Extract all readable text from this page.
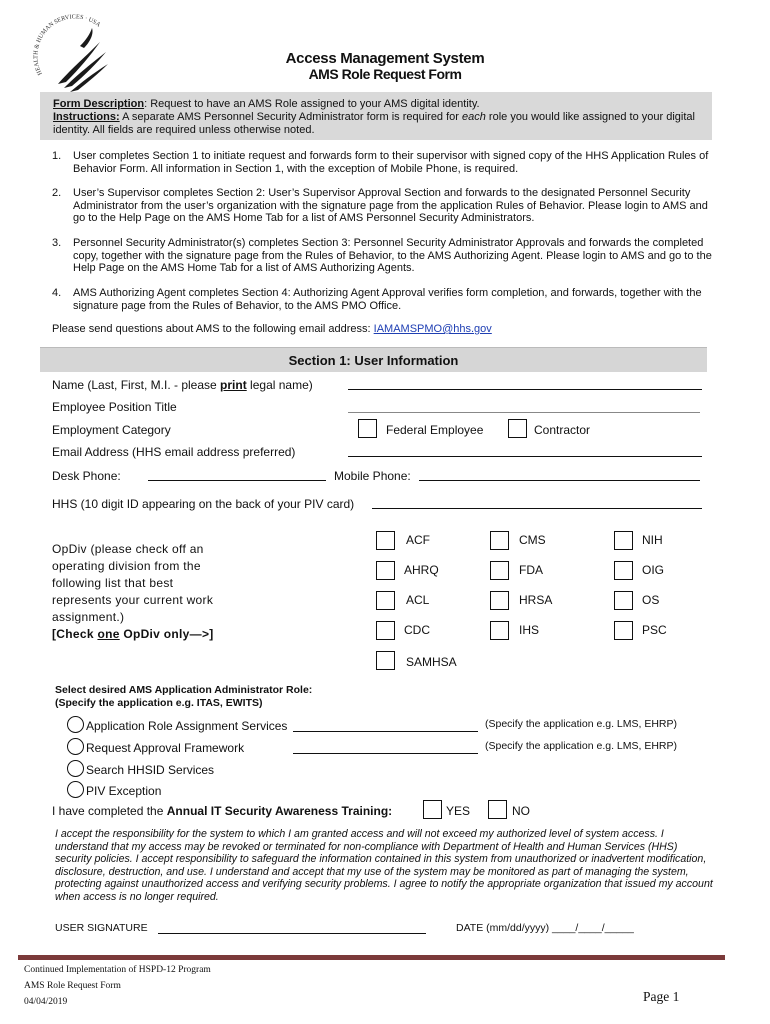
HEALTH & HUMAN SERVICES · USA
Access Management System
AMS Role Request Form
Form Description: Request to have an AMS Role assigned to your AMS digital identity.
Instructions: A separate AMS Personnel Security Administrator form is required for each role you would like assigned to your digital identity. All fields are required unless otherwise noted.
1. User completes Section 1 to initiate request and forwards form to their supervisor with signed copy of the HHS Application Rules of Behavior Form. All information in Section 1, with the exception of Mobile Phone, is required.
2. User’s Supervisor completes Section 2: User’s Supervisor Approval Section and forwards to the designated Personnel Security Administrator from the user’s organization with the signature page from the application Rules of Behavior. Please login to AMS and go to the Help Page on the AMS Home Tab for a list of AMS Personnel Security Administrators.
3. Personnel Security Administrator(s) completes Section 3: Personnel Security Administrator Approvals and forwards the completed copy, together with the signature page from the Rules of Behavior, to the AMS Authorizing Agent. Please login to AMS and go to the Help Page on the AMS Home Tab for a list of AMS Authorizing Agents.
4. AMS Authorizing Agent completes Section 4: Authorizing Agent Approval verifies form completion, and forwards, together with the signature page from the Rules of Behavior, to the AMS PMO Office.
Please send questions about AMS to the following email address: IAMAMSPMO@hhs.gov
Section 1: User Information
Name (Last, First, M.I. - please print legal name)
Employee Position Title
Employment Category	Federal Employee	Contractor
Email Address (HHS email address preferred)
Desk Phone:	Mobile Phone:
HHS (10 digit ID appearing on the back of your PIV card)
OpDiv (please check off an operating division from the following list that best represents your current work assignment.)
[Check one OpDiv only—>]
ACF	CMS	NIH
AHRQ	FDA	OIG
ACL	HRSA	OS
CDC	IHS	PSC
SAMHSA
Select desired AMS Application Administrator Role:
(Specify the application e.g. ITAS, EWITS)
Application Role Assignment Services	(Specify the application e.g. LMS, EHRP)
Request Approval Framework	(Specify the application e.g. LMS, EHRP)
Search HHSID Services
PIV Exception
I have completed the Annual IT Security Awareness Training:	YES	NO
I accept the responsibility for the system to which I am granted access and will not exceed my authorized level of system access. I understand that my access may be revoked or terminated for non-compliance with Department of Health and Human Services (HHS) security policies. I accept responsibility to safeguard the information contained in this system from unauthorized or inadvertent modification, disclosure, destruction, and use. I understand and accept that my use of the system may be monitored as part of managing the system, protecting against unauthorized access and verifying security problems. I agree to notify the appropriate organization that issued my account when access is no longer required.
USER SIGNATURE	DATE (mm/dd/yyyy) ____/____/_____
Continued Implementation of HSPD-12 Program
AMS Role Request Form
04/04/2019	Page 1
